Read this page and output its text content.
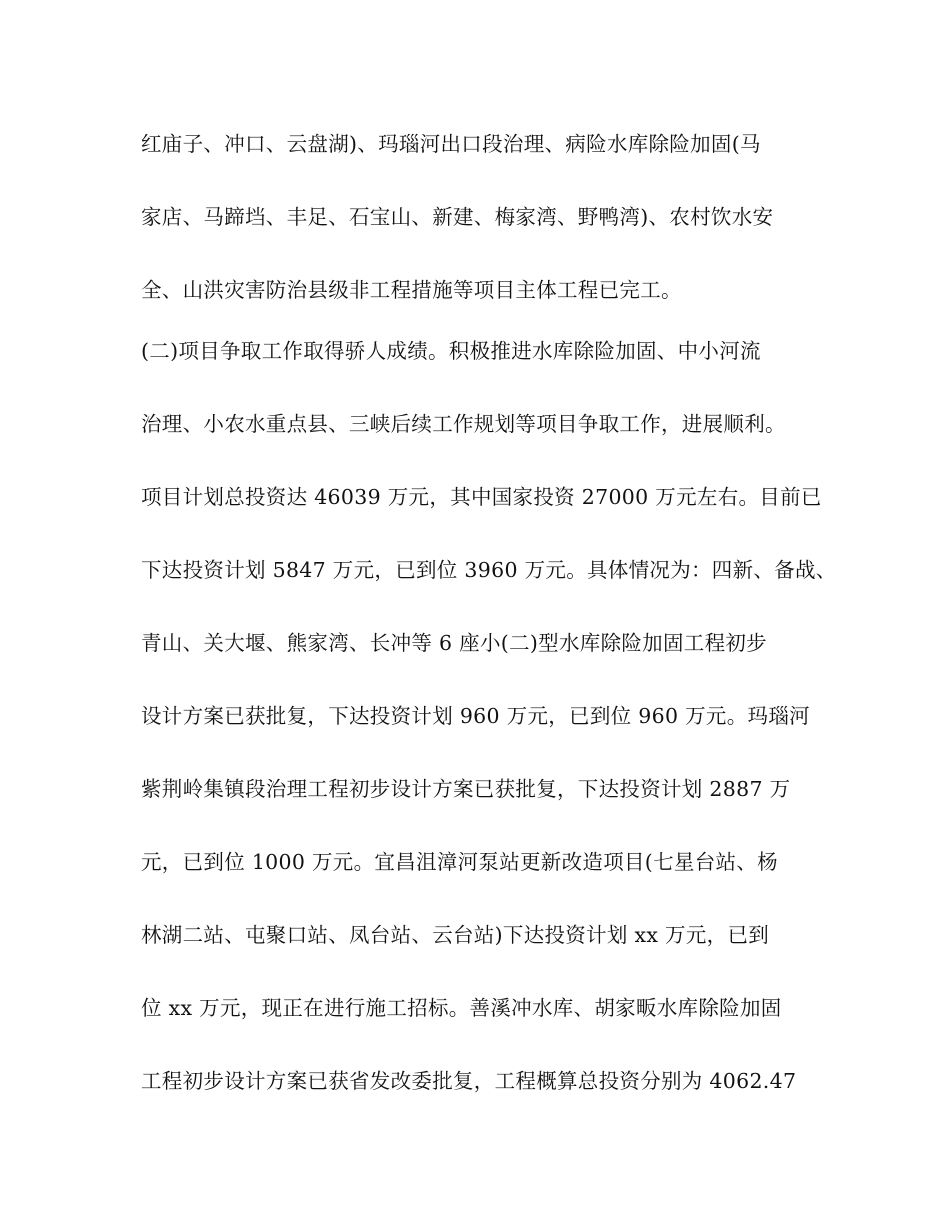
红庙子、冲口、云盘湖)、玛瑙河出口段治理、病险水库除险加固(马
家店、马蹄垱、丰足、石宝山、新建、梅家湾、野鸭湾)、农村饮水安
全、山洪灾害防治县级非工程措施等项目主体工程已完工。
(二)项目争取工作取得骄人成绩。积极推进水库除险加固、中小河流
治理、小农水重点县、三峡后续工作规划等项目争取工作，进展顺利。
项目计划总投资达 46039 万元，其中国家投资 27000 万元左右。目前已
下达投资计划 5847 万元，已到位 3960 万元。具体情况为：四新、备战、
青山、关大堰、熊家湾、长冲等 6 座小(二)型水库除险加固工程初步
设计方案已获批复，下达投资计划 960 万元，已到位 960 万元。玛瑙河
紫荆岭集镇段治理工程初步设计方案已获批复，下达投资计划 2887 万
元，已到位 1000 万元。宜昌沮漳河泵站更新改造项目(七星台站、杨
林湖二站、屯聚口站、凤台站、云台站)下达投资计划 xx 万元，已到
位 xx 万元，现正在进行施工招标。善溪冲水库、胡家畈水库除险加固
工程初步设计方案已获省发改委批复，工程概算总投资分别为 4062.47
